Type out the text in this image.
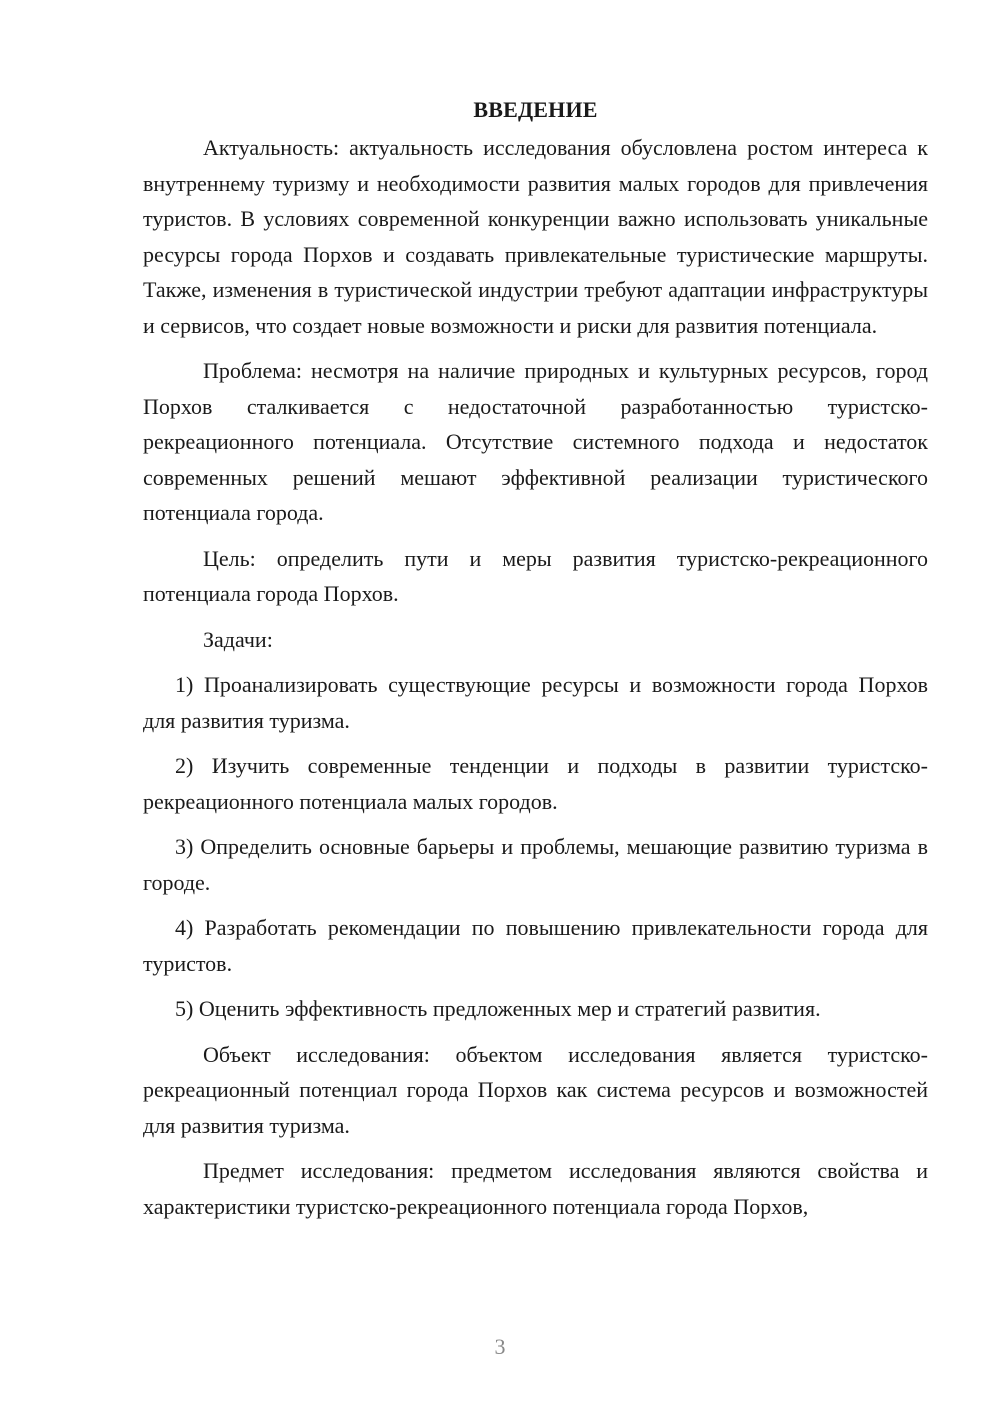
ВВЕДЕНИЕ

Актуальность: актуальность исследования обусловлена ростом интереса к внутреннему туризму и необходимости развития малых городов для привлечения туристов. В условиях современной конкуренции важно использовать уникальные ресурсы города Порхов и создавать привлекательные туристические маршруты. Также, изменения в туристической индустрии требуют адаптации инфраструктуры и сервисов, что создает новые возможности и риски для развития потенциала.

Проблема: несмотря на наличие природных и культурных ресурсов, город Порхов сталкивается с недостаточной разработанностью туристско-рекреационного потенциала. Отсутствие системного подхода и недостаток современных решений мешают эффективной реализации туристического потенциала города.

Цель: определить пути и меры развития туристско-рекреационного потенциала города Порхов.

Задачи:

1) Проанализировать существующие ресурсы и возможности города Порхов для развития туризма.

2) Изучить современные тенденции и подходы в развитии туристско-рекреационного потенциала малых городов.

3) Определить основные барьеры и проблемы, мешающие развитию туризма в городе.

4) Разработать рекомендации по повышению привлекательности города для туристов.

5) Оценить эффективность предложенных мер и стратегий развития.

Объект исследования: объектом исследования является туристско-рекреационный потенциал города Порхов как система ресурсов и возможностей для развития туризма.

Предмет исследования: предметом исследования являются свойства и характеристики туристско-рекреационного потенциала города Порхов,

3
